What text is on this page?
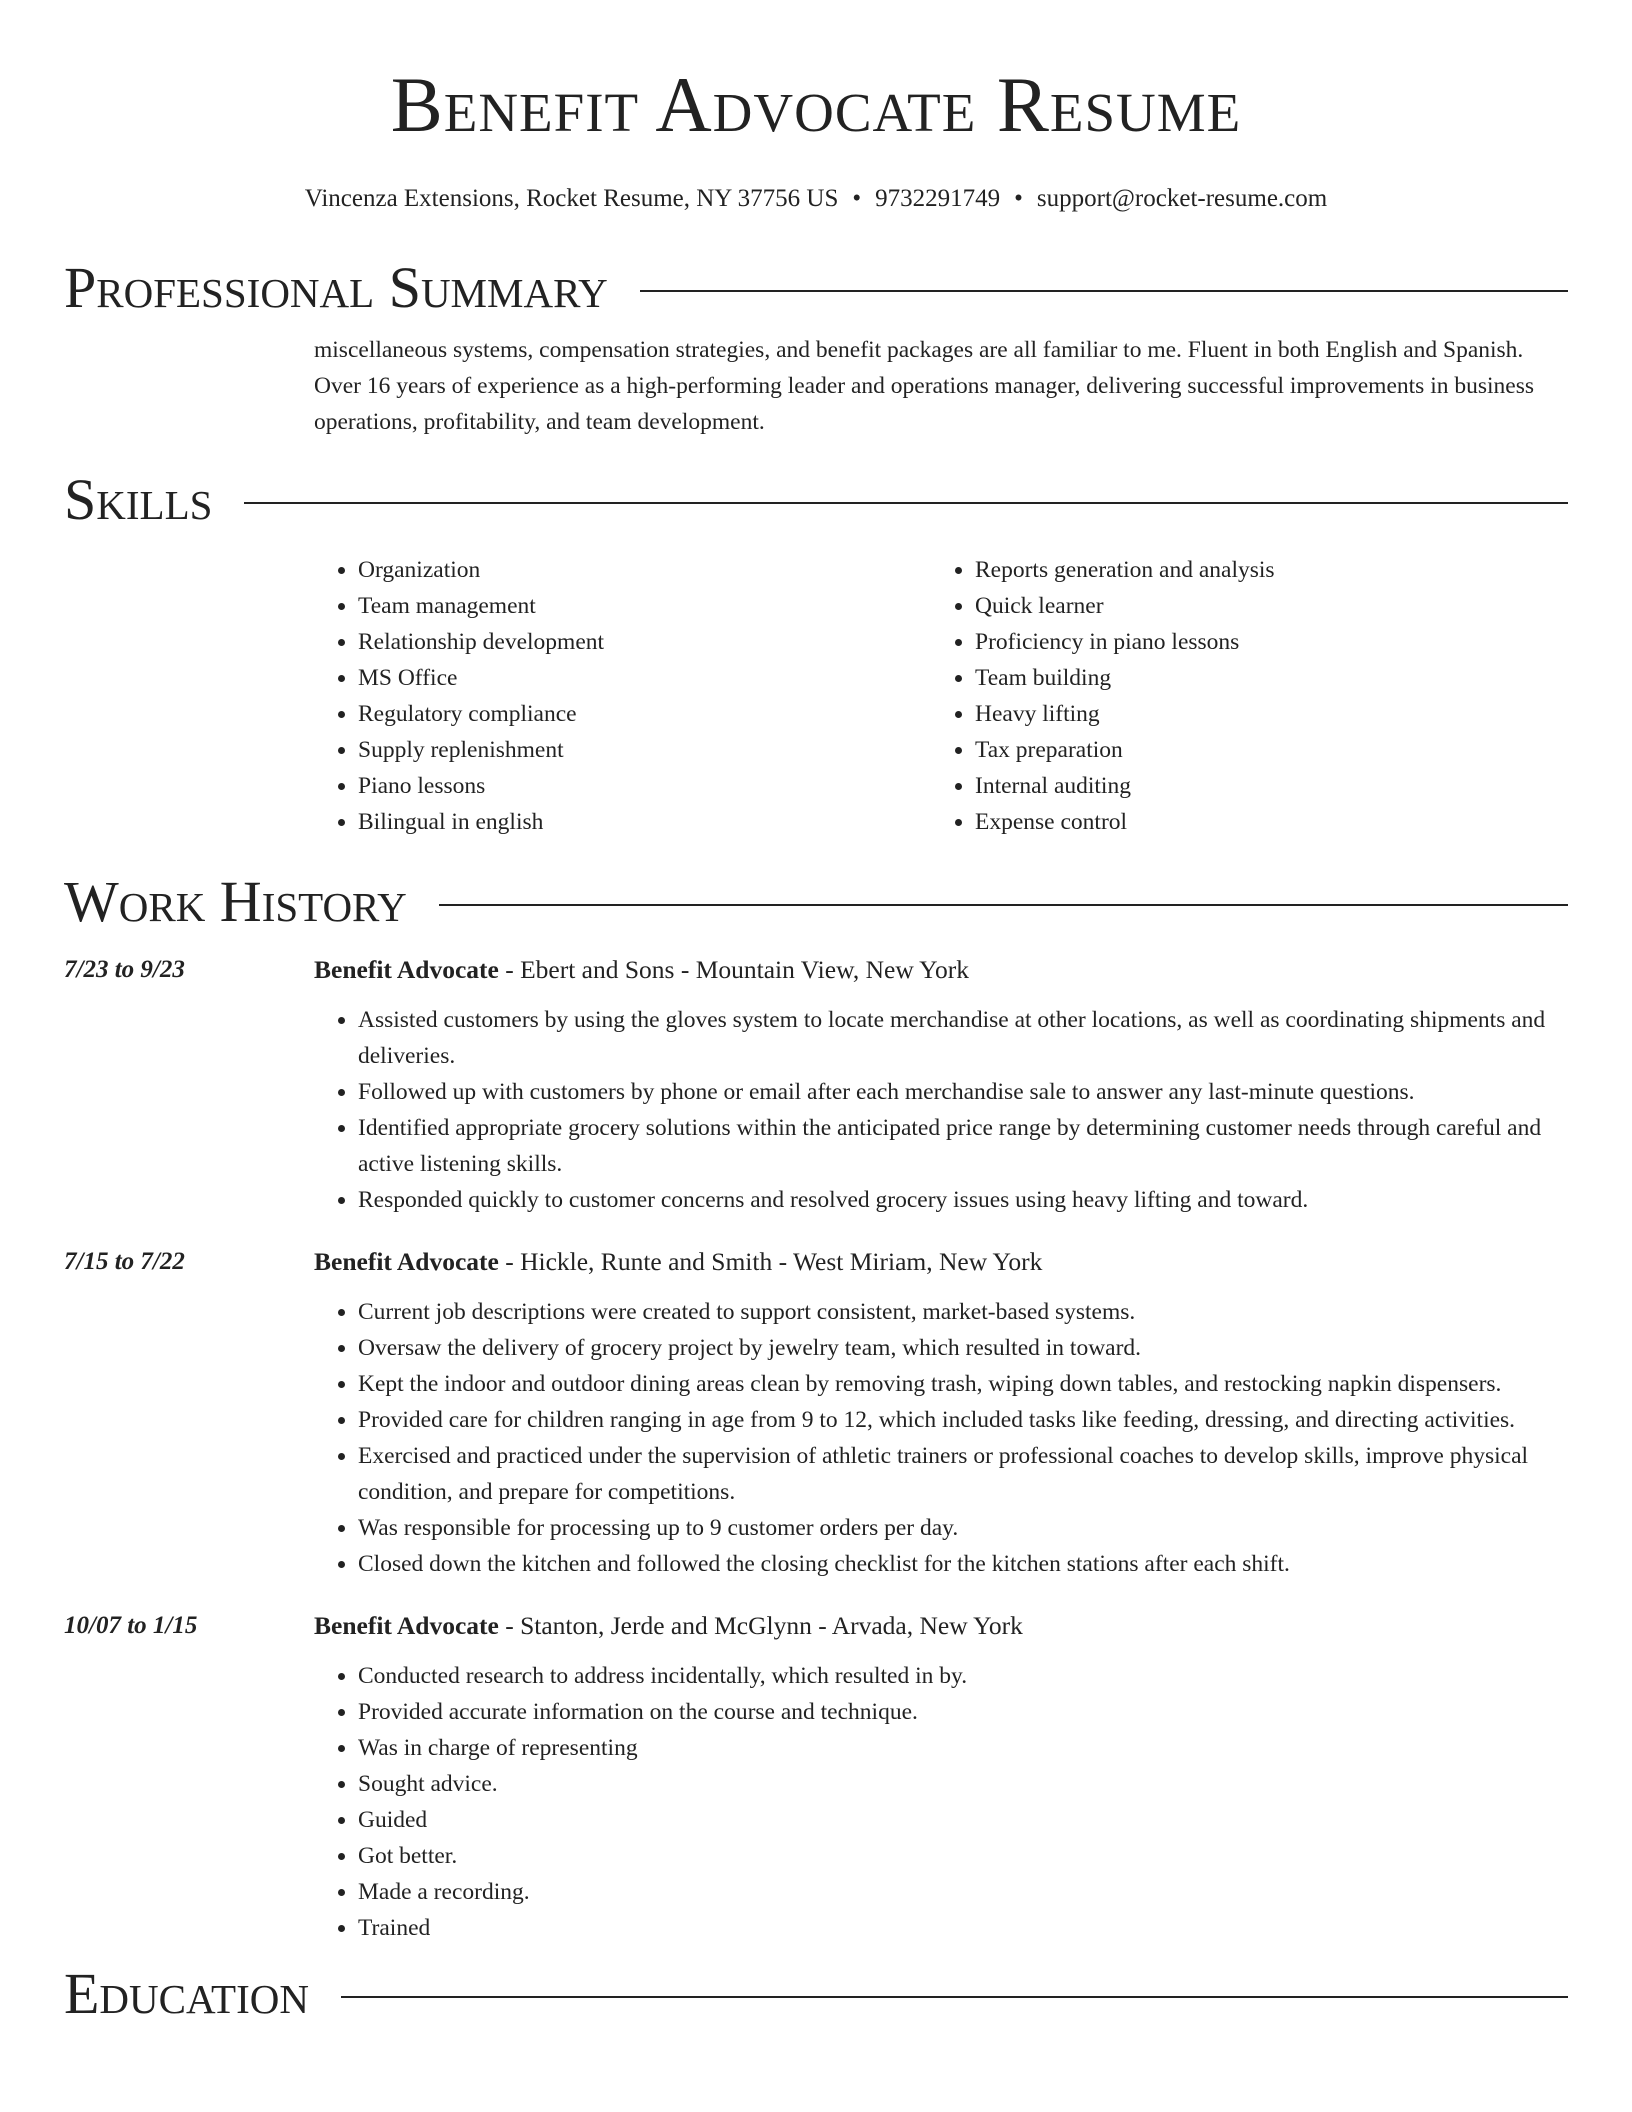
Benefit Advocate Resume
Vincenza Extensions, Rocket Resume, NY 37756 US • 9732291749 • support@rocket-resume.com
Professional Summary

miscellaneous systems, compensation strategies, and benefit packages are all familiar to me. Fluent in both English and Spanish. Over 16 years of experience as a high-performing leader and operations manager, delivering successful improvements in business operations, profitability, and team development.

Skills
• Organization
• Team management
• Relationship development
• MS Office
• Regulatory compliance
• Supply replenishment
• Piano lessons
• Bilingual in english
• Reports generation and analysis
• Quick learner
• Proficiency in piano lessons
• Team building
• Heavy lifting
• Tax preparation
• Internal auditing
• Expense control
Work History
7/23 to 9/23	Benefit Advocate - Ebert and Sons - Mountain View, New York
• Assisted customers by using the gloves system to locate merchandise at other locations, as well as coordinating shipments and deliveries.
• Followed up with customers by phone or email after each merchandise sale to answer any last-minute questions.
• Identified appropriate grocery solutions within the anticipated price range by determining customer needs through careful and active listening skills.
• Responded quickly to customer concerns and resolved grocery issues using heavy lifting and toward.
7/15 to 7/22	Benefit Advocate - Hickle, Runte and Smith - West Miriam, New York
• Current job descriptions were created to support consistent, market-based systems.
• Oversaw the delivery of grocery project by jewelry team, which resulted in toward.
• Kept the indoor and outdoor dining areas clean by removing trash, wiping down tables, and restocking napkin dispensers.
• Provided care for children ranging in age from 9 to 12, which included tasks like feeding, dressing, and directing activities.
• Exercised and practiced under the supervision of athletic trainers or professional coaches to develop skills, improve physical condition, and prepare for competitions.
• Was responsible for processing up to 9 customer orders per day.
• Closed down the kitchen and followed the closing checklist for the kitchen stations after each shift.
10/07 to 1/15	Benefit Advocate - Stanton, Jerde and McGlynn - Arvada, New York
• Conducted research to address incidentally, which resulted in by.
• Provided accurate information on the course and technique.
• Was in charge of representing
• Sought advice.
• Guided
• Got better.
• Made a recording.
• Trained
Education
